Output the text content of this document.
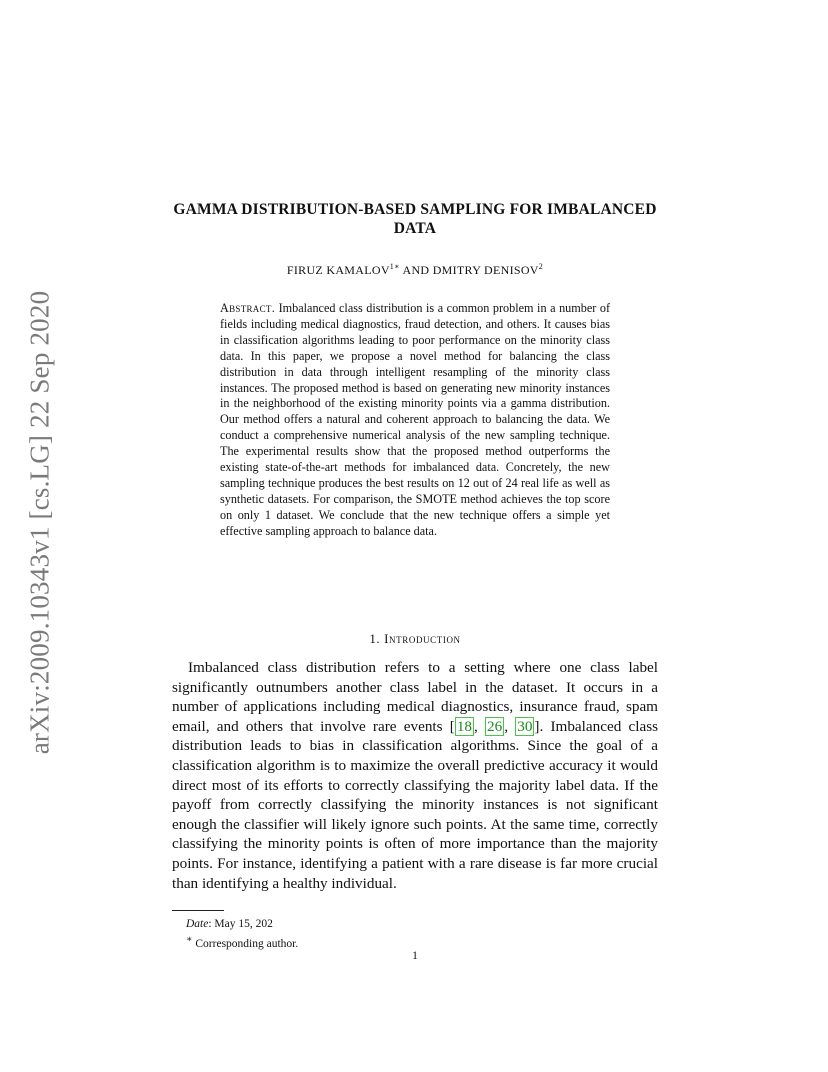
arXiv:2009.10343v1 [cs.LG] 22 Sep 2020
GAMMA DISTRIBUTION-BASED SAMPLING FOR IMBALANCED DATA
FIRUZ $KAMALOV^{1∗}$ AND DMITRY DENISOV$^2$
Abstract. Imbalanced class distribution is a common problem in a number of fields including medical diagnostics, fraud detection, and others. It causes bias in classification algorithms leading to poor performance on the minority class data. In this paper, we propose a novel method for balancing the class distribution in data through intelligent resampling of the minority class instances. The proposed method is based on generating new minority instances in the neighborhood of the existing minority points via a gamma distribution. Our method offers a natural and coherent approach to balancing the data. We conduct a comprehensive numerical analysis of the new sampling technique. The experimental results show that the proposed method outperforms the existing state-of-the-art methods for imbalanced data. Concretely, the new sampling technique produces the best results on 12 out of 24 real life as well as synthetic datasets. For comparison, the SMOTE method achieves the top score on only 1 dataset. We conclude that the new technique offers a simple yet effective sampling approach to balance data.
1. Introduction

Imbalanced class distribution refers to a setting where one class label significantly outnumbers another class label in the dataset. It occurs in a number of applications including medical diagnostics, insurance fraud, spam email, and others that involve rare events [ 18 , 26 , 30 ]. Imbalanced class distribution leads to bias in classification algorithms. Since the goal of a classification algorithm is to maximize the overall predictive accuracy it would direct most of its efforts to correctly classifying the majority label data. If the payoff from correctly classifying the minority instances is not significant enough the classifier will likely ignore such points. At the same time, correctly classifying the minority points is often of more importance than the majority points. For instance, identifying a patient with a rare disease is far more crucial than identifying a healthy individual.

Date: May 15, 202
∗ Corresponding author.
1
